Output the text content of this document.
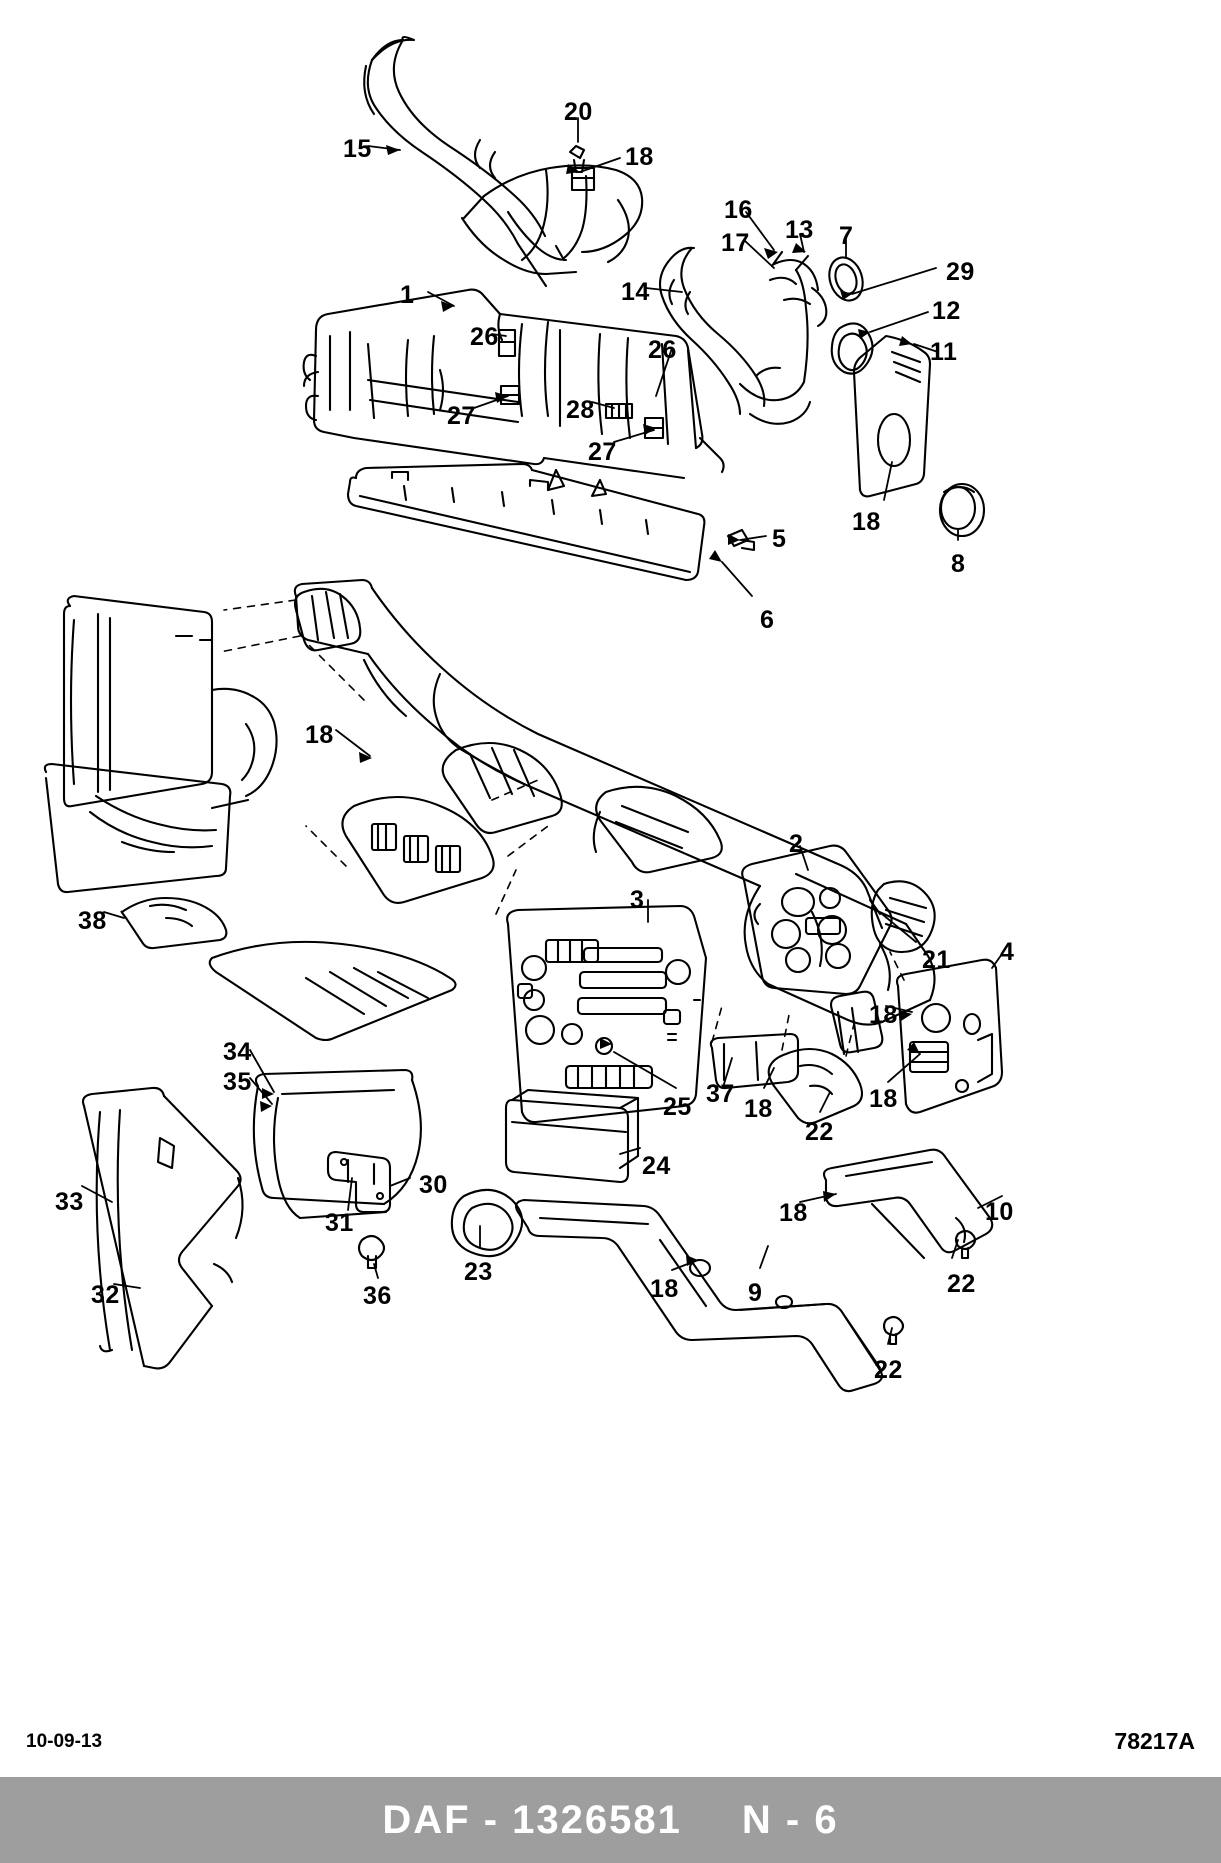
1
2
3
4
5
6
7
8
9
10
11
12
13
14
15
16
17
18
18
18
18
18
18
18
18
20
21
22
22
22
23
24
25
26	26
27
27
28
29
30
31
32
33
34
35
36
37
38
10-09-13	78217A
DAF - 1326581 N - 6
